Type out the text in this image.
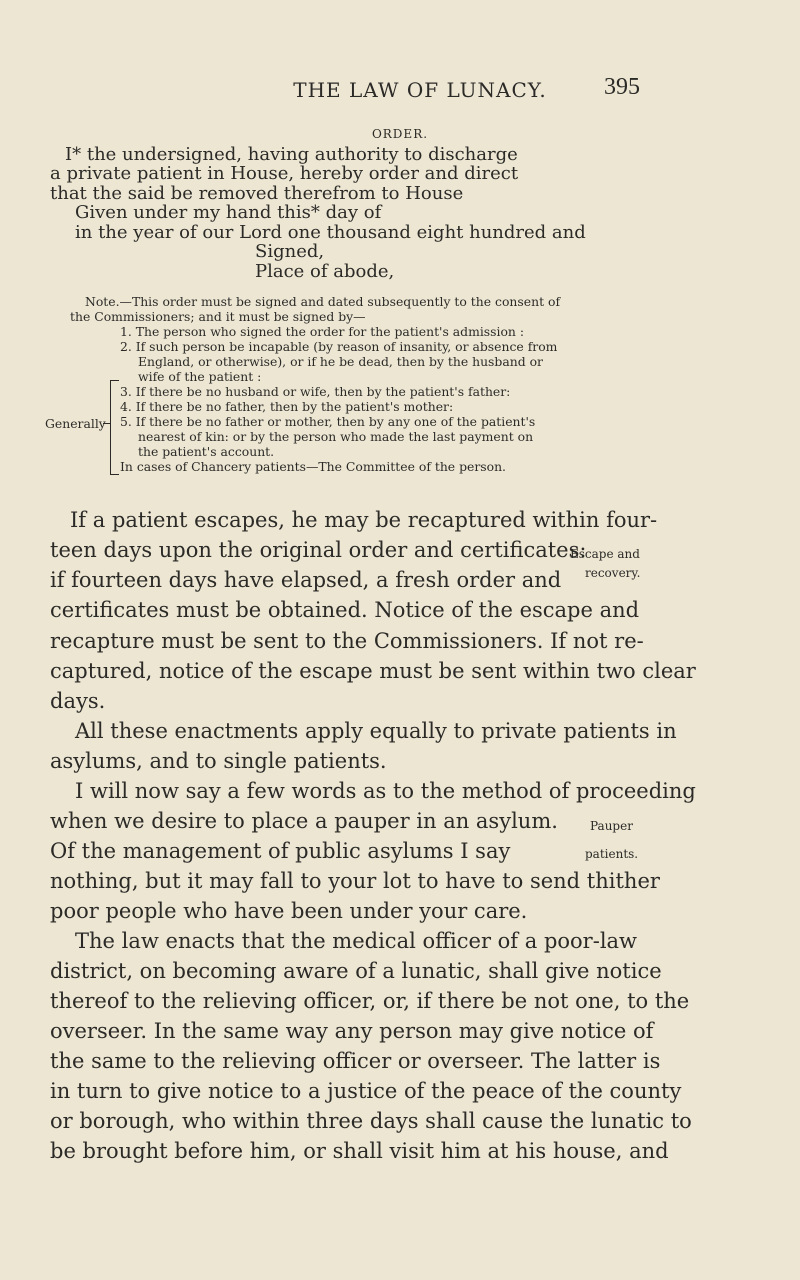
THE LAW OF LUNACY.	395
ORDER.
I* the undersigned, having authority to discharge
a private patient in House, hereby order and direct
that the said be removed therefrom to House
Given under my hand this* day of
in the year of our Lord one thousand eight hundred and
Signed,
Place of abode,
Note.—This order must be signed and dated subsequently to the consent of
the Commissioners; and it must be signed by—
Generally
1. The person who signed the order for the patient's admission :
2. If such person be incapable (by reason of insanity, or absence from
England, or otherwise), or if he be dead, then by the husband or
wife of the patient :
3. If there be no husband or wife, then by the patient's father:
4. If there be no father, then by the patient's mother:
5. If there be no father or mother, then by any one of the patient's
nearest of kin: or by the person who made the last payment on
the patient's account.
In cases of Chancery patients—The Committee of the person.
If a patient escapes, he may be recaptured within four-
teen days upon the original order and certificates:
if fourteen days have elapsed, a fresh order and
certificates must be obtained. Notice of the escape and
recapture must be sent to the Commissioners. If not re-
captured, notice of the escape must be sent within two clear
days.
All these enactments apply equally to private patients in
asylums, and to single patients.
I will now say a few words as to the method of proceeding
when we desire to place a pauper in an asylum.
Of the management of public asylums I say
nothing, but it may fall to your lot to have to send thither
poor people who have been under your care.
The law enacts that the medical officer of a poor-law
district, on becoming aware of a lunatic, shall give notice
thereof to the relieving officer, or, if there be not one, to the
overseer. In the same way any person may give notice of
the same to the relieving officer or overseer. The latter is
in turn to give notice to a justice of the peace of the county
or borough, who within three days shall cause the lunatic to
be brought before him, or shall visit him at his house, and
Escape and
recovery.
Pauper
patients.
